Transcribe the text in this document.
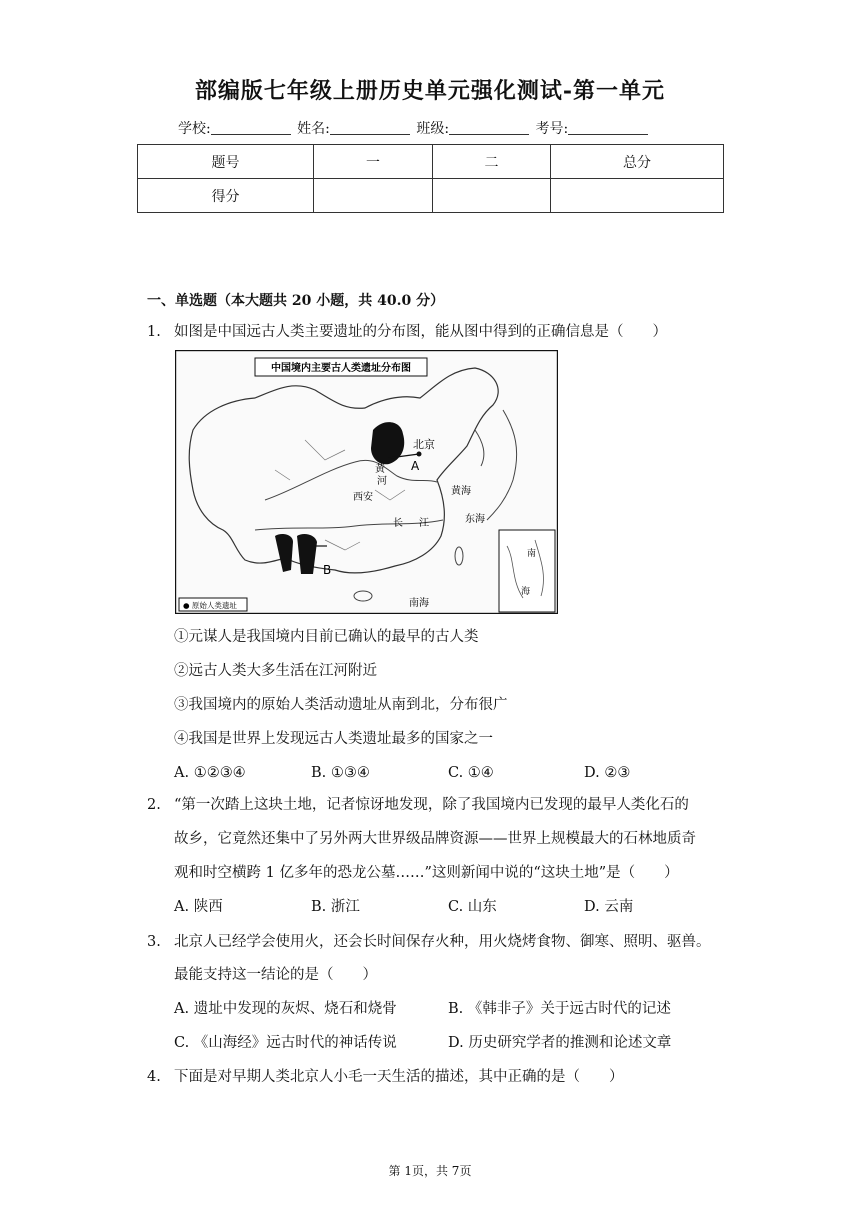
部编版七年级上册历史单元强化测试-第一单元
学校:	姓名:	班级:	考号:
题号	一	二	总分
得分			
一、单选题（本大题共 20 小题，共 40.0 分）
1. 如图是中国远古人类主要遗址的分布图，能从图中得到的正确信息是（　　）
中国境内主要古人类遗址分布图
北京
A
黄
河
西安
黄海
东海
长 江
B
南海
南
海
● 原始人类遗址
①元谋人是我国境内目前已确认的最早的古人类
②远古人类大多生活在江河附近
③我国境内的原始人类活动遗址从南到北，分布很广
④我国是世界上发现远古人类遗址最多的国家之一
A. ①②③④	B. ①③④	C. ①④	D. ②③
2. “第一次踏上这块土地，记者惊讶地发现，除了我国境内已发现的最早人类化石的
故乡，它竟然还集中了另外两大世界级品牌资源——世界上规模最大的石林地质奇
观和时空横跨 1 亿多年的恐龙公墓……”这则新闻中说的“这块土地”是（　　）
A. 陕西	B. 浙江	C. 山东	D. 云南
3. 北京人已经学会使用火，还会长时间保存火种，用火烧烤食物、御寒、照明、驱兽。
最能支持这一结论的是（　　）
A. 遗址中发现的灰烬、烧石和烧骨	B. 《韩非子》关于远古时代的记述
C. 《山海经》远古时代的神话传说	D. 历史研究学者的推测和论述文章
4. 下面是对早期人类北京人小毛一天生活的描述，其中正确的是（　　）
第 1页，共 7页
